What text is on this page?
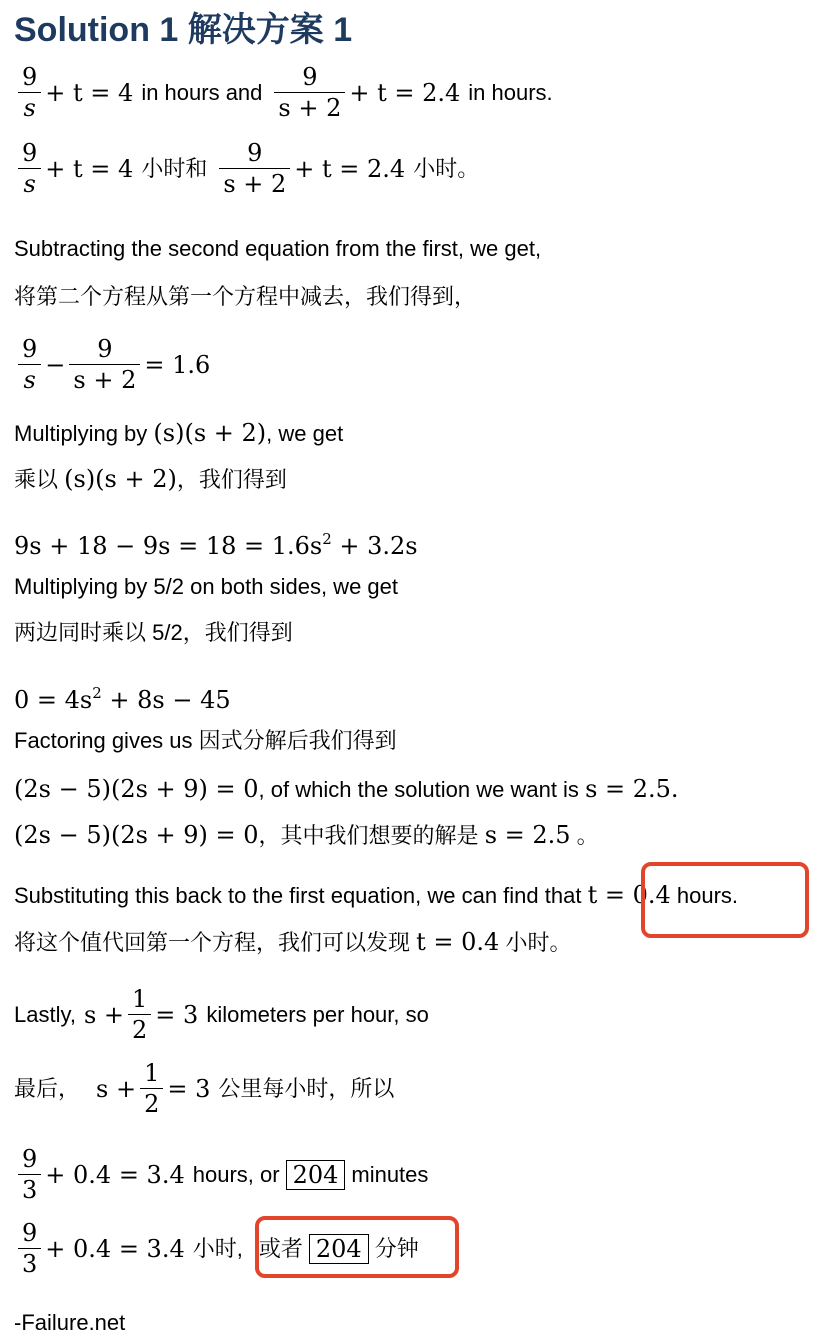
Solution 1 解决方案 1
$\frac{9}{s} + t = 4$ in hours and $\frac{9}{s + 2} + t = 2.4$ in hours.
$\frac{9}{s} + t = 4$ 小时和 $\frac{9}{s + 2} + t = 2.4$ 小时。
Subtracting the second equation from the first, we get,
将第二个方程从第一个方程中减去，我们得到，
$\frac{9}{s} - \frac{9}{s + 2} = 1.6$
Multiplying by (s)(s + 2), we get
乘以 (s)(s + 2)，我们得到
$9s + 18 - 9s = 18 = 1.6s^2 + 3.2s$
Multiplying by 5/2 on both sides, we get
两边同时乘以 5/2，我们得到
$0 = 4s^2 + 8s - 45$
Factoring gives us 因式分解后我们得到
(2s − 5)(2s + 9) = 0, of which the solution we want is s = 2.5.
(2s − 5)(2s + 9) = 0，其中我们想要的解是 s = 2.5 。
Substituting this back to the first equation, we can find that t = 0.4 hours.
将这个值代回第一个方程，我们可以发现 t = 0.4 小时。
Lastly, $s + \frac{1}{2} = 3$ kilometers per hour, so
最后， $s + \frac{1}{2} = 3$ 公里每小时，所以
$\frac{9}{3} + 0.4 = 3.4$ hours, or 204 minutes
$\frac{9}{3} + 0.4 = 3.4$ 小时, 或者 204 分钟
-Failure.net
